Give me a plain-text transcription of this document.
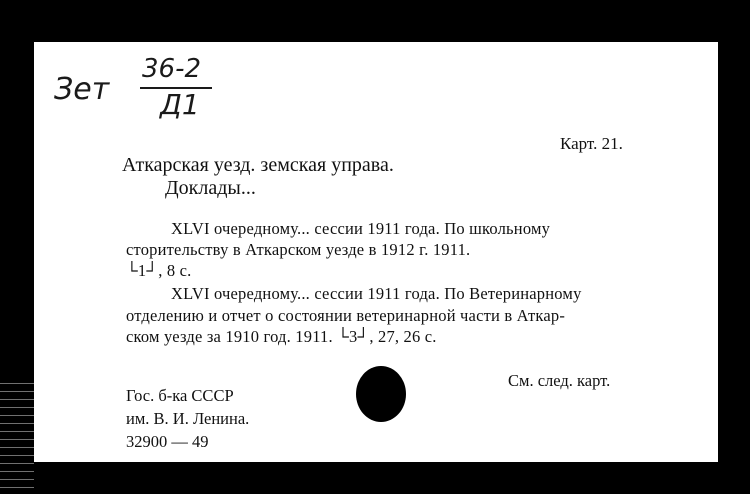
Зет
36-2
Д1
Карт. 21.
Аткарская уезд. земская управа.
Доклады...
XLVI очередному... сессии 1911 года. По школьному
сторительству в Аткарском уезде в 1912 г. 1911.
└1┘, 8 с.
XLVI очередному... сессии 1911 года. По Ветеринарному
отделению и отчет о состоянии ветеринарной части в Аткар-
ском уезде за 1910 год. 1911. └3┘, 27, 26 с.
См. след. карт.
Гос. б-ка СССР
им. В. И. Ленина.
32900 — 49
